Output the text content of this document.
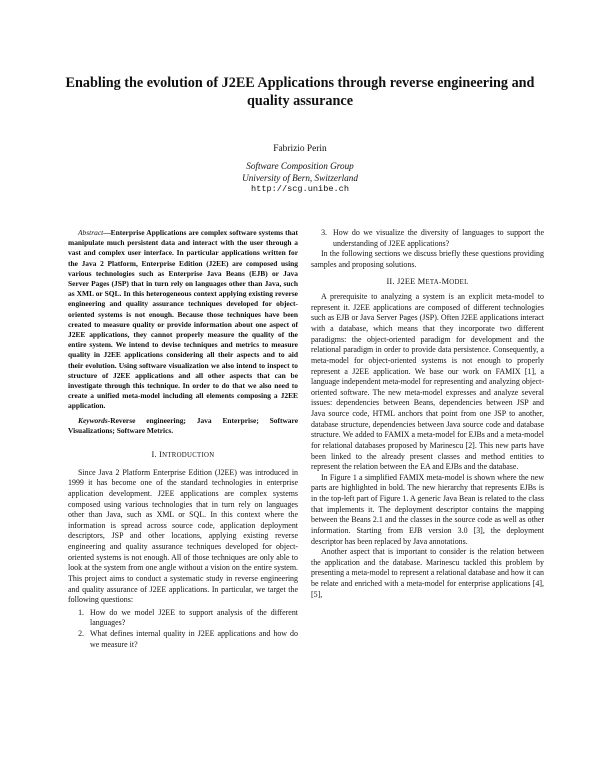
Enabling the evolution of J2EE Applications through reverse engineering and quality assurance
Fabrizio Perin
Software Composition Group
University of Bern, Switzerland
http://scg.unibe.ch

Abstract—Enterprise Applications are complex software systems that manipulate much persistent data and interact with the user through a vast and complex user interface. In particular applications written for the Java 2 Platform, Enterprise Edition (J2EE) are composed using various technologies such as Enterprise Java Beans (EJB) or Java Server Pages (JSP) that in turn rely on languages other than Java, such as XML or SQL. In this heterogeneous context applying existing reverse engineering and quality assurance techniques developed for object-oriented systems is not enough. Because those techniques have been created to measure quality or provide information about one aspect of J2EE applications, they cannot properly measure the quality of the entire system. We intend to devise techniques and metrics to measure quality in J2EE applications considering all their aspects and to aid their evolution. Using software visualization we also intend to inspect to structure of J2EE applications and all other aspects that can be investigate through this technique. In order to do that we also need to create a unified meta-model including all elements composing a J2EE application.

Keywords-Reverse engineering; Java Enterprise; Software Visualizations; Software Metrics.

I. INTRODUCTION

Since Java 2 Platform Enterprise Edition (J2EE) was introduced in 1999 it has become one of the standard technologies in enterprise application development. J2EE applications are complex systems composed using various technologies that in turn rely on languages other than Java, such as XML or SQL. In this context where the information is spread across source code, application deployment descriptors, JSP and other locations, applying existing reverse engineering and quality assurance techniques developed for object-oriented systems is not enough. All of those techniques are only able to look at the system from one angle without a vision on the entire system. This project aims to conduct a systematic study in reverse engineering and quality assurance of J2EE applications. In particular, we target the following questions:

1. How do we model J2EE to support analysis of the different languages?
2. What defines internal quality in J2EE applications and how do we measure it?
3. How do we visualize the diversity of languages to support the understanding of J2EE applications?

In the following sections we discuss briefly these questions providing samples and proposing solutions.

II. J2EE META-MODEL

A prerequisite to analyzing a system is an explicit meta-model to represent it. J2EE applications are composed of different technologies such as EJB or Java Server Pages (JSP). Often J2EE applications interact with a database, which means that they incorporate two different paradigms: the object-oriented paradigm for development and the relational paradigm in order to provide data persistence. Consequently, a meta-model for object-oriented systems is not enough to properly represent a J2EE application. We base our work on FAMIX [1], a language independent meta-model for representing and analyzing object-oriented software. The new meta-model expresses and analyze several issues: dependencies between Beans, dependencies between JSP and Java source code, HTML anchors that point from one JSP to another, database structure, dependencies between Java source code and database structure. We added to FAMIX a meta-model for EJBs and a meta-model for relational databases proposed by Marinescu [2]. This new parts have been linked to the already present classes and method entities to represent the relation between the EA and EJBs and the database.

In Figure 1 a simplified FAMIX meta-model is shown where the new parts are highlighted in bold. The new hierarchy that represents EJBs is in the top-left part of Figure 1. A generic Java Bean is related to the class that implements it. The deployment descriptor contains the mapping between the Beans 2.1 and the classes in the source code as well as other information. Starting from EJB version 3.0 [3], the deployment descriptor has been replaced by Java annotations.

Another aspect that is important to consider is the relation between the application and the database. Marinescu tackled this problem by presenting a meta-model to represent a relational database and how it can be relate and enriched with a meta-model for enterprise applications [4], [5],
